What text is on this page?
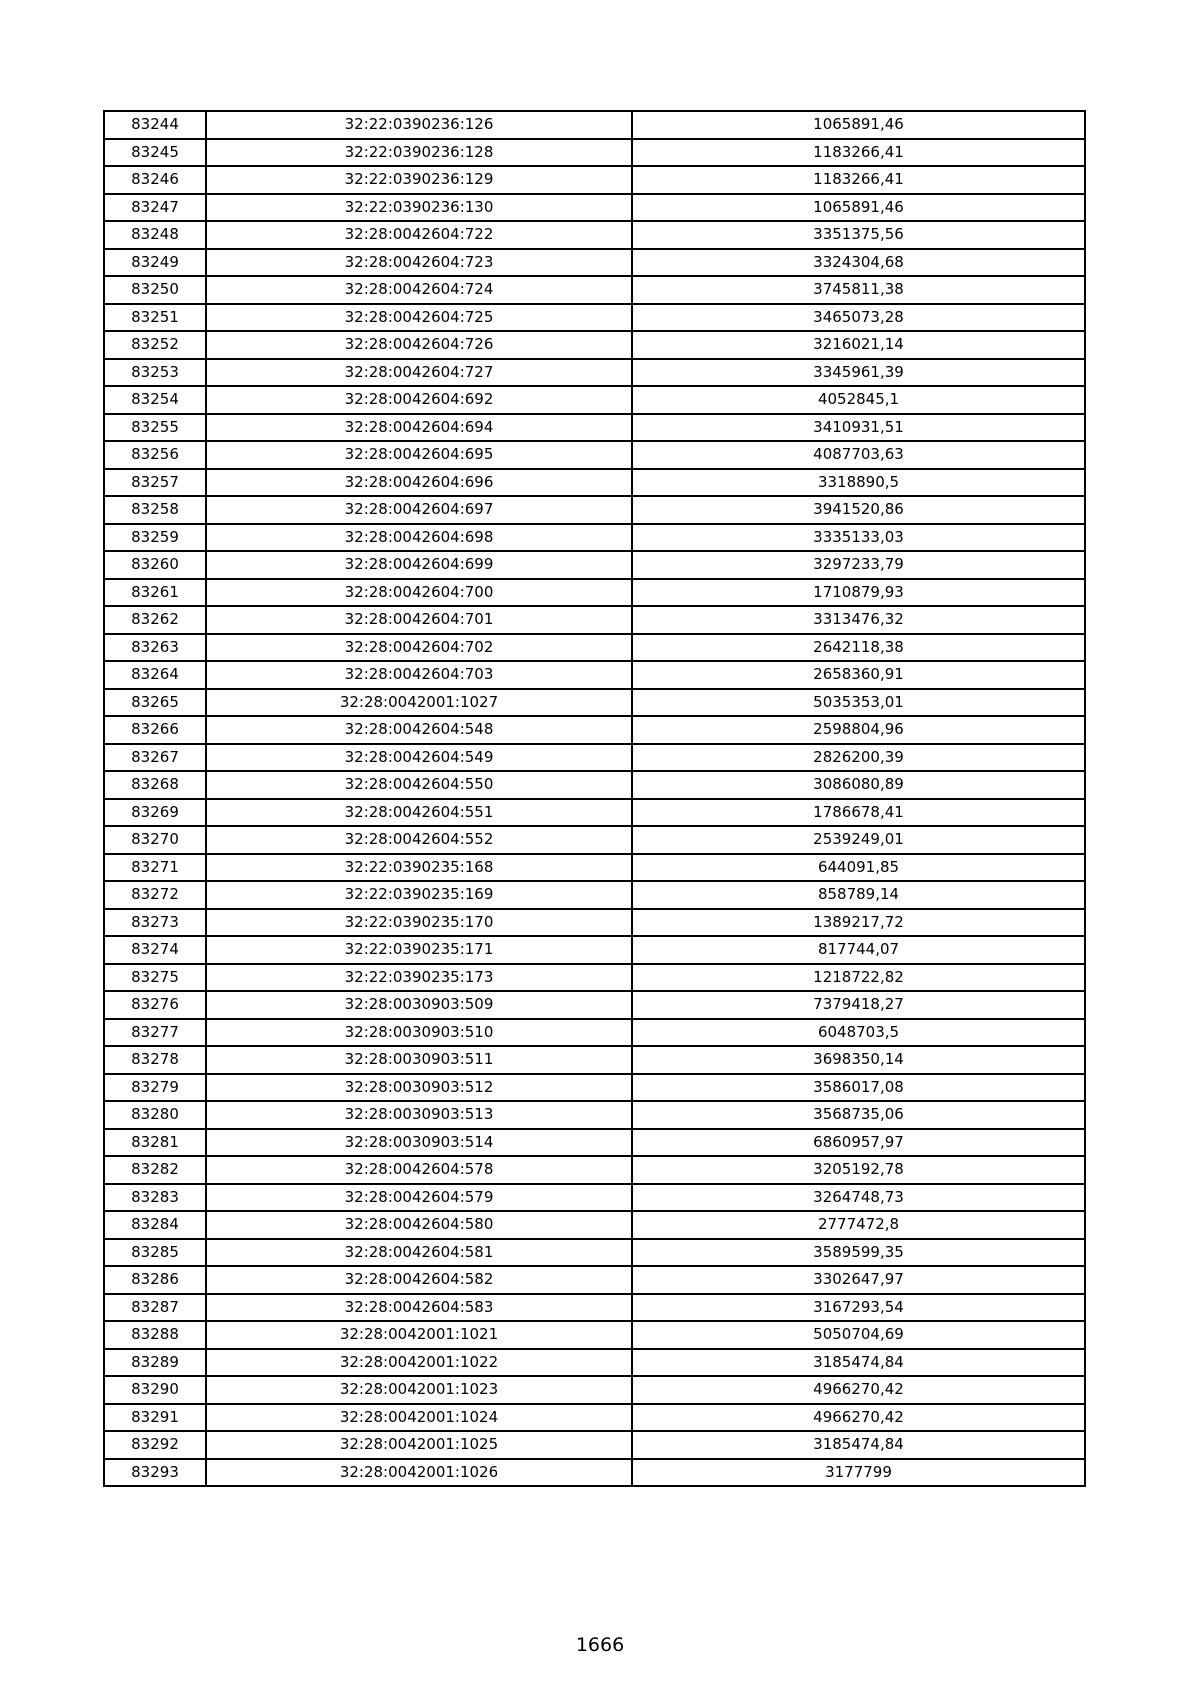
83244	32:22:0390236:126	1065891,46
83245	32:22:0390236:128	1183266,41
83246	32:22:0390236:129	1183266,41
83247	32:22:0390236:130	1065891,46
83248	32:28:0042604:722	3351375,56
83249	32:28:0042604:723	3324304,68
83250	32:28:0042604:724	3745811,38
83251	32:28:0042604:725	3465073,28
83252	32:28:0042604:726	3216021,14
83253	32:28:0042604:727	3345961,39
83254	32:28:0042604:692	4052845,1
83255	32:28:0042604:694	3410931,51
83256	32:28:0042604:695	4087703,63
83257	32:28:0042604:696	3318890,5
83258	32:28:0042604:697	3941520,86
83259	32:28:0042604:698	3335133,03
83260	32:28:0042604:699	3297233,79
83261	32:28:0042604:700	1710879,93
83262	32:28:0042604:701	3313476,32
83263	32:28:0042604:702	2642118,38
83264	32:28:0042604:703	2658360,91
83265	32:28:0042001:1027	5035353,01
83266	32:28:0042604:548	2598804,96
83267	32:28:0042604:549	2826200,39
83268	32:28:0042604:550	3086080,89
83269	32:28:0042604:551	1786678,41
83270	32:28:0042604:552	2539249,01
83271	32:22:0390235:168	644091,85
83272	32:22:0390235:169	858789,14
83273	32:22:0390235:170	1389217,72
83274	32:22:0390235:171	817744,07
83275	32:22:0390235:173	1218722,82
83276	32:28:0030903:509	7379418,27
83277	32:28:0030903:510	6048703,5
83278	32:28:0030903:511	3698350,14
83279	32:28:0030903:512	3586017,08
83280	32:28:0030903:513	3568735,06
83281	32:28:0030903:514	6860957,97
83282	32:28:0042604:578	3205192,78
83283	32:28:0042604:579	3264748,73
83284	32:28:0042604:580	2777472,8
83285	32:28:0042604:581	3589599,35
83286	32:28:0042604:582	3302647,97
83287	32:28:0042604:583	3167293,54
83288	32:28:0042001:1021	5050704,69
83289	32:28:0042001:1022	3185474,84
83290	32:28:0042001:1023	4966270,42
83291	32:28:0042001:1024	4966270,42
83292	32:28:0042001:1025	3185474,84
83293	32:28:0042001:1026	3177799
1666
